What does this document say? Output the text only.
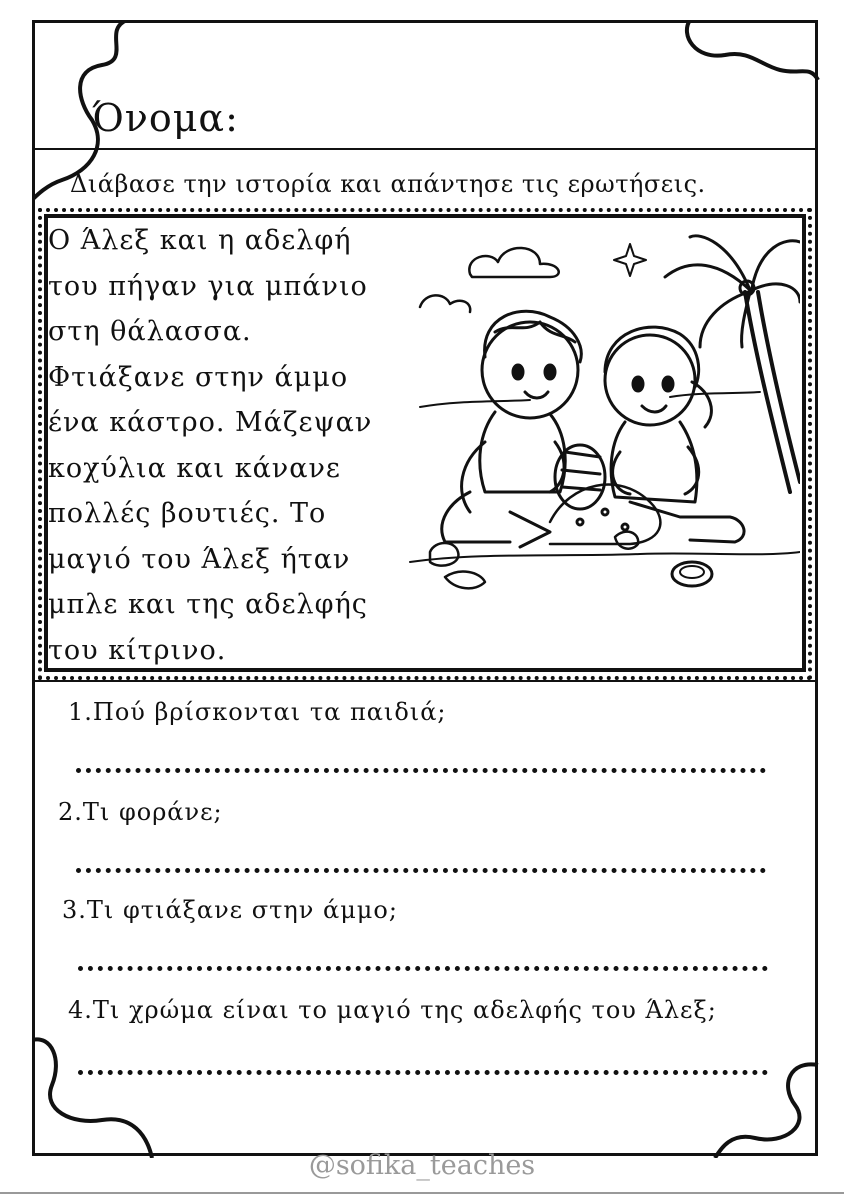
Όνομα:
Διάβασε την ιστορία και απάντησε τις ερωτήσεις.
Ο Άλεξ και η αδελφή
του πήγαν για μπάνιο
στη θάλασσα.
Φτιάξανε στην άμμο
ένα κάστρο. Μάζεψαν
κοχύλια και κάνανε
πολλές βουτιές. Το
μαγιό του Άλεξ ήταν
μπλε και της αδελφής
του κίτρινο.
1.Πού βρίσκονται τα παιδιά;
2.Τι φοράνε;
3.Τι φτιάξανε στην άμμο;
4.Τι χρώμα είναι το μαγιό της αδελφής του Άλεξ;
@sofika_teaches
